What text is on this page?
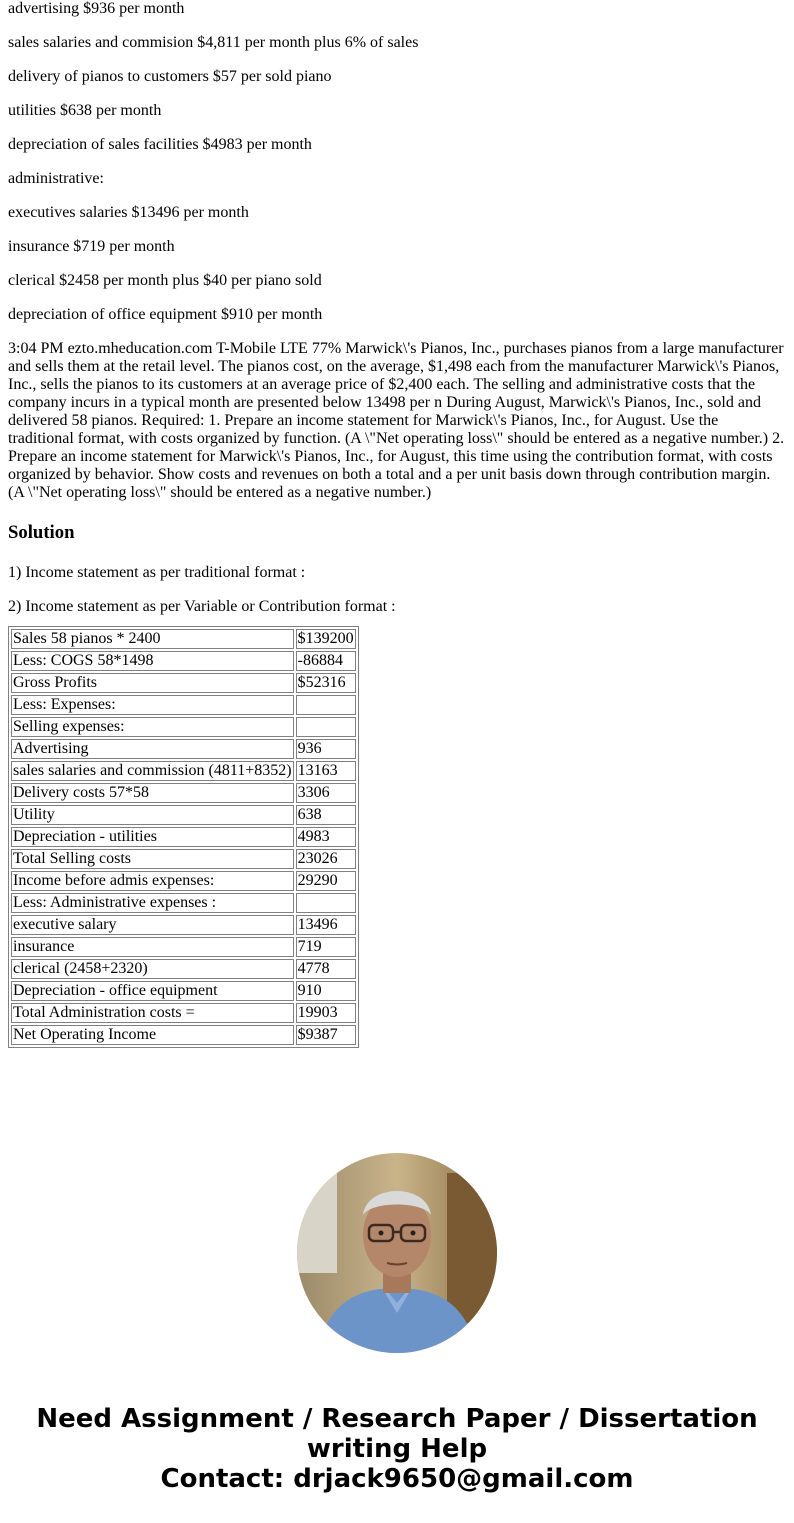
advertising $936 per month

sales salaries and commision $4,811 per month plus 6% of sales

delivery of pianos to customers $57 per sold piano

utilities $638 per month

depreciation of sales facilities $4983 per month

administrative:

executives salaries $13496 per month

insurance $719 per month

clerical $2458 per month plus $40 per piano sold

depreciation of office equipment $910 per month

3:04 PM ezto.mheducation.com T-Mobile LTE 77% Marwick\'s Pianos, Inc., purchases pianos from a large manufacturer and sells them at the retail level. The pianos cost, on the average, $1,498 each from the manufacturer Marwick\'s Pianos, Inc., sells the pianos to its customers at an average price of $2,400 each. The selling and administrative costs that the company incurs in a typical month are presented below 13498 per n During August, Marwick\'s Pianos, Inc., sold and delivered 58 pianos. Required: 1. Prepare an income statement for Marwick\'s Pianos, Inc., for August. Use the traditional format, with costs organized by function. (A \"Net operating loss\" should be entered as a negative number.) 2. Prepare an income statement for Marwick\'s Pianos, Inc., for August, this time using the contribution format, with costs organized by behavior. Show costs and revenues on both a total and a per unit basis down through contribution margin. (A \"Net operating loss\" should be entered as a negative number.)

Solution

1) Income statement as per traditional format :

2) Income statement as per Variable or Contribution format :

Sales 58 pianos * 2400	$139200
Less: COGS 58*1498	-86884
Gross Profits	$52316
Less: Expenses:	
Selling expenses:	
Advertising	936
sales salaries and commission (4811+8352)	13163
Delivery costs 57*58	3306
Utility	638
Depreciation - utilities	4983
Total Selling costs	23026
Income before admis expenses:	29290
Less: Administrative expenses :	
executive salary	13496
insurance	719
clerical (2458+2320)	4778
Depreciation - office equipment	910
Total Administration costs =	19903
Net Operating Income	$9387
Need Assignment / Research Paper / Dissertation
writing Help
Contact: drjack9650@gmail.com
